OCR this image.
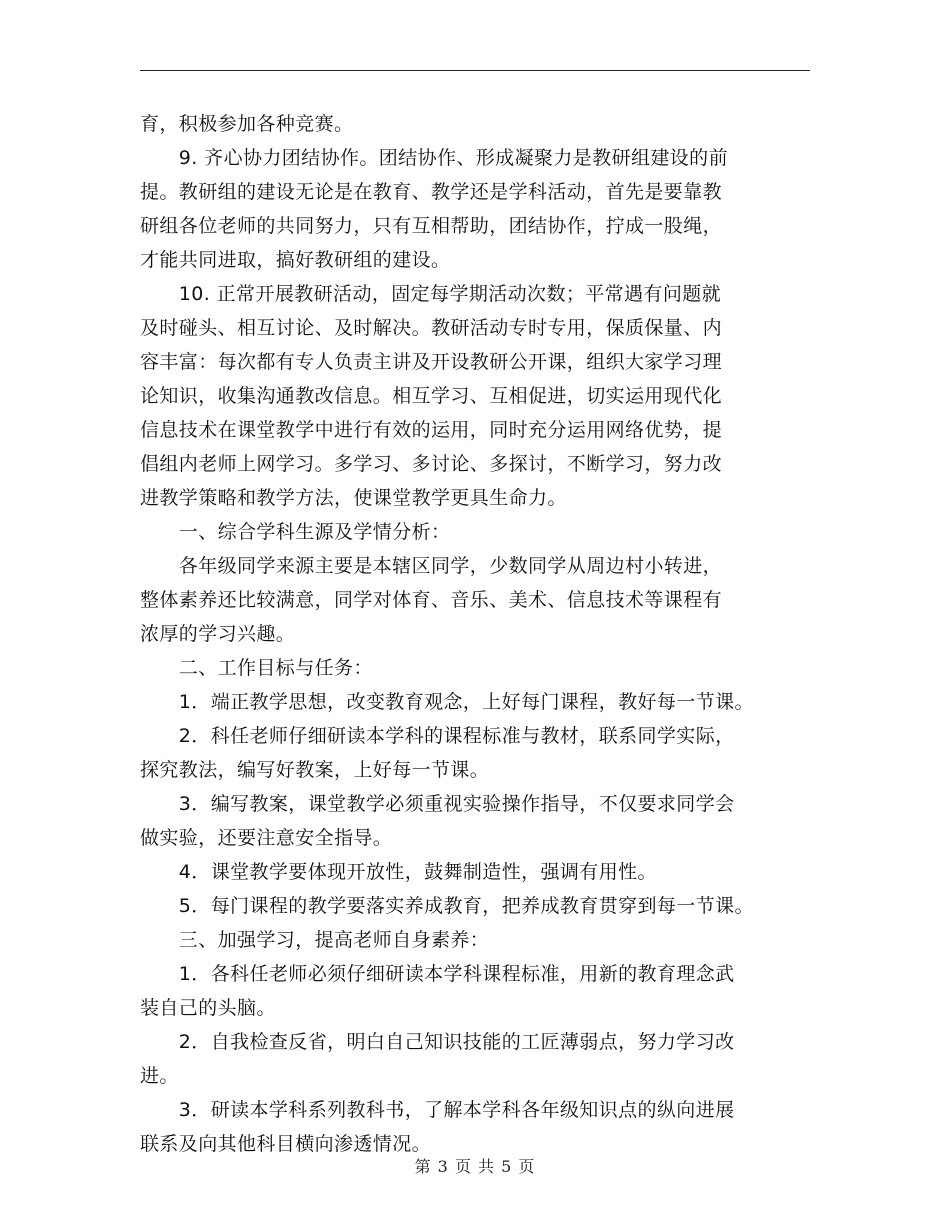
育，积极参加各种竞赛。
　　9. 齐心协力团结协作。团结协作、形成凝聚力是教研组建设的前
提。教研组的建设无论是在教育、教学还是学科活动，首先是要靠教
研组各位老师的共同努力，只有互相帮助，团结协作，拧成一股绳，
才能共同进取，搞好教研组的建设。
　　10. 正常开展教研活动，固定每学期活动次数；平常遇有问题就
及时碰头、相互讨论、及时解决。教研活动专时专用，保质保量、内
容丰富：每次都有专人负责主讲及开设教研公开课，组织大家学习理
论知识，收集沟通教改信息。相互学习、互相促进，切实运用现代化
信息技术在课堂教学中进行有效的运用，同时充分运用网络优势，提
倡组内老师上网学习。多学习、多讨论、多探讨，不断学习，努力改
进教学策略和教学方法，使课堂教学更具生命力。
　　一、综合学科生源及学情分析：
　　各年级同学来源主要是本辖区同学，少数同学从周边村小转进，
整体素养还比较满意，同学对体育、音乐、美术、信息技术等课程有
浓厚的学习兴趣。
　　二、工作目标与任务：
　　1．端正教学思想，改变教育观念，上好每门课程，教好每一节课。
　　2．科任老师仔细研读本学科的课程标准与教材，联系同学实际，
探究教法，编写好教案，上好每一节课。
　　3．编写教案，课堂教学必须重视实验操作指导，不仅要求同学会
做实验，还要注意安全指导。
　　4．课堂教学要体现开放性，鼓舞制造性，强调有用性。
　　5．每门课程的教学要落实养成教育，把养成教育贯穿到每一节课。
　　三、加强学习，提高老师自身素养：
　　1．各科任老师必须仔细研读本学科课程标准，用新的教育理念武
装自己的头脑。
　　2．自我检查反省，明白自己知识技能的工匠薄弱点，努力学习改
进。
　　3．研读本学科系列教科书，了解本学科各年级知识点的纵向进展
联系及向其他科目横向渗透情况。
第 3 页 共 5 页
